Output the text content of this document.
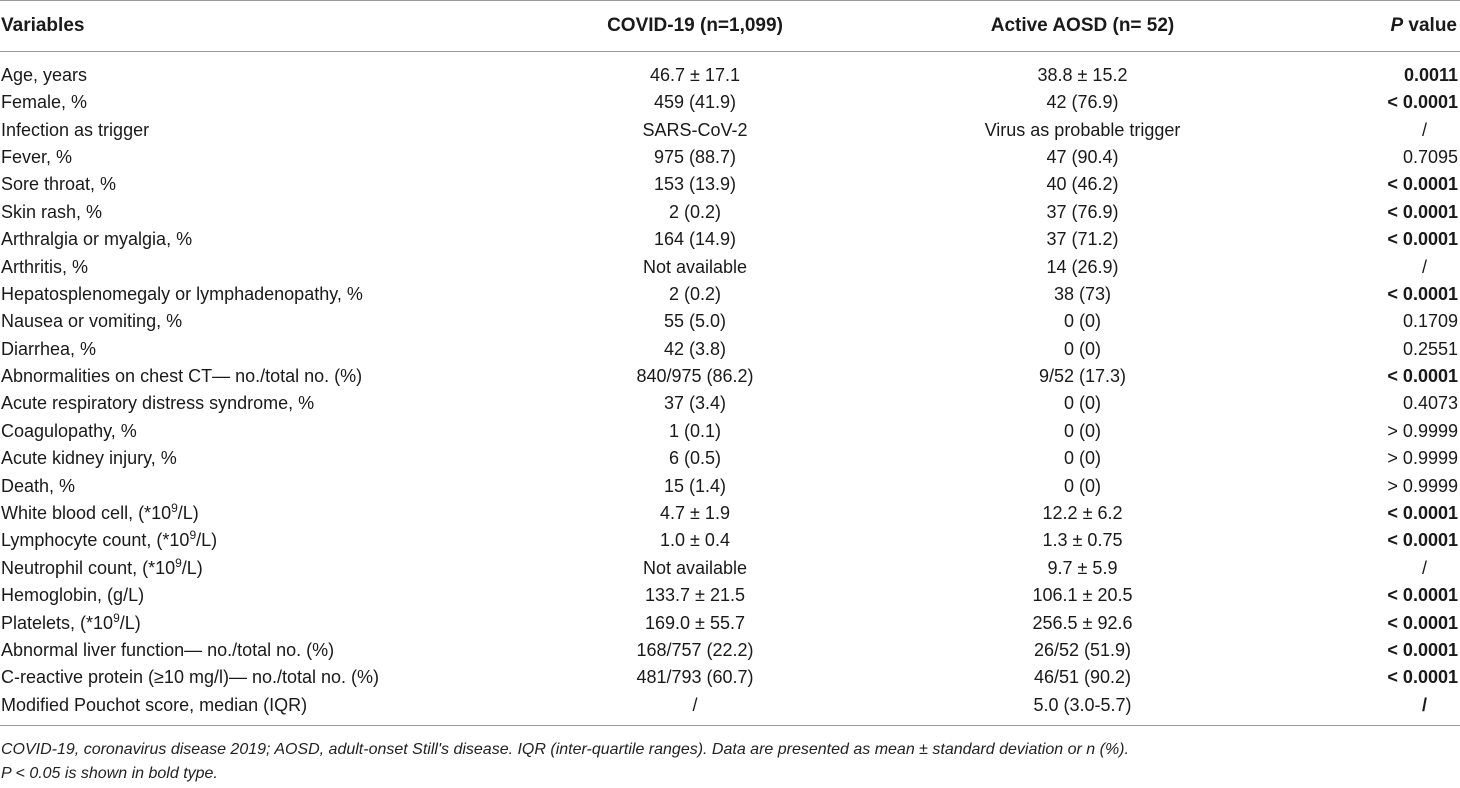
Variables	COVID-19 (n=1,099)	Active AOSD (n= 52)	P value
Age, years	46.7 ± 17.1	38.8 ± 15.2	0.0011
Female, %	459 (41.9)	42 (76.9)	< 0.0001
Infection as trigger	SARS-CoV-2	Virus as probable trigger	/
Fever, %	975 (88.7)	47 (90.4)	0.7095
Sore throat, %	153 (13.9)	40 (46.2)	< 0.0001
Skin rash, %	2 (0.2)	37 (76.9)	< 0.0001
Arthralgia or myalgia, %	164 (14.9)	37 (71.2)	< 0.0001
Arthritis, %	Not available	14 (26.9)	/
Hepatosplenomegaly or lymphadenopathy, %	2 (0.2)	38 (73)	< 0.0001
Nausea or vomiting, %	55 (5.0)	0 (0)	0.1709
Diarrhea, %	42 (3.8)	0 (0)	0.2551
Abnormalities on chest CT— no./total no. (%)	840/975 (86.2)	9/52 (17.3)	< 0.0001
Acute respiratory distress syndrome, %	37 (3.4)	0 (0)	0.4073
Coagulopathy, %	1 (0.1)	0 (0)	> 0.9999
Acute kidney injury, %	6 (0.5)	0 (0)	> 0.9999
Death, %	15 (1.4)	0 (0)	> 0.9999
White blood cell, $(*10^9/L)$	4.7 ± 1.9	12.2 ± 6.2	< 0.0001
Lymphocyte count, $(*10^9/L)$	1.0 ± 0.4	1.3 ± 0.75	< 0.0001
Neutrophil count, $(*10^9/L)$	Not available	9.7 ± 5.9	/
Hemoglobin, (g/L)	133.7 ± 21.5	106.1 ± 20.5	< 0.0001
Platelets, $(*10^9/L)$	169.0 ± 55.7	256.5 ± 92.6	< 0.0001
Abnormal liver function— no./total no. (%)	168/757 (22.2)	26/52 (51.9)	< 0.0001
C-reactive protein (≥10 mg/l)— no./total no. (%)	481/793 (60.7)	46/51 (90.2)	< 0.0001
Modified Pouchot score, median (IQR)	/	5.0 (3.0-5.7)	/
COVID-19, coronavirus disease 2019; AOSD, adult-onset Still's disease. IQR (inter-quartile ranges). Data are presented as mean ± standard deviation or n (%).
P < 0.05 is shown in bold type.
